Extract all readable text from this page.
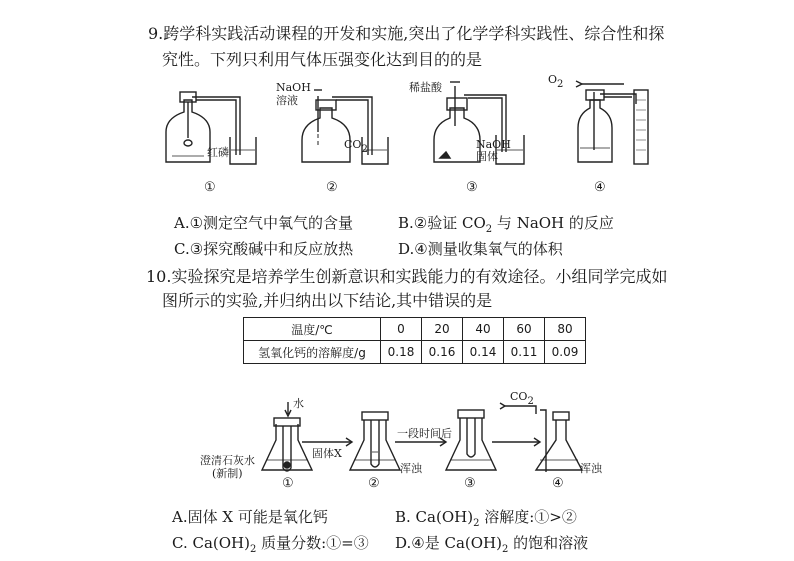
9.跨学科实践活动课程的开发和实施,突出了化学学科实践性、综合性和探
究性。下列只利用气体压强变化达到目的的是
红磷
NaOH
溶液
CO2
稀盐酸
NaOH
固体
O2
①	②	③	④
A.①测定空气中氧气的含量	B.②验证 $CO_2$ 与 NaOH 的反应
C.③探究酸碱中和反应放热	D.④测量收集氧气的体积
10.实验探究是培养学生创新意识和实践能力的有效途径。小组同学完成如
图所示的实验,并归纳出以下结论,其中错误的是
温度/℃	0	20	40	60	80
氢氧化钙的溶解度/g	0.18	0.16	0.14	0.11	0.09
水
澄清石灰水
(新制)
固体X
一段时间后
浑浊	浑浊
CO2
①	②	③	④
A.固体 X 可能是氧化钙	B. $Ca(OH)_2$ 溶解度:①>②
C. $Ca(OH)_2$ 质量分数:①=③ D.④是 $Ca(OH)_2$ 的饱和溶液
